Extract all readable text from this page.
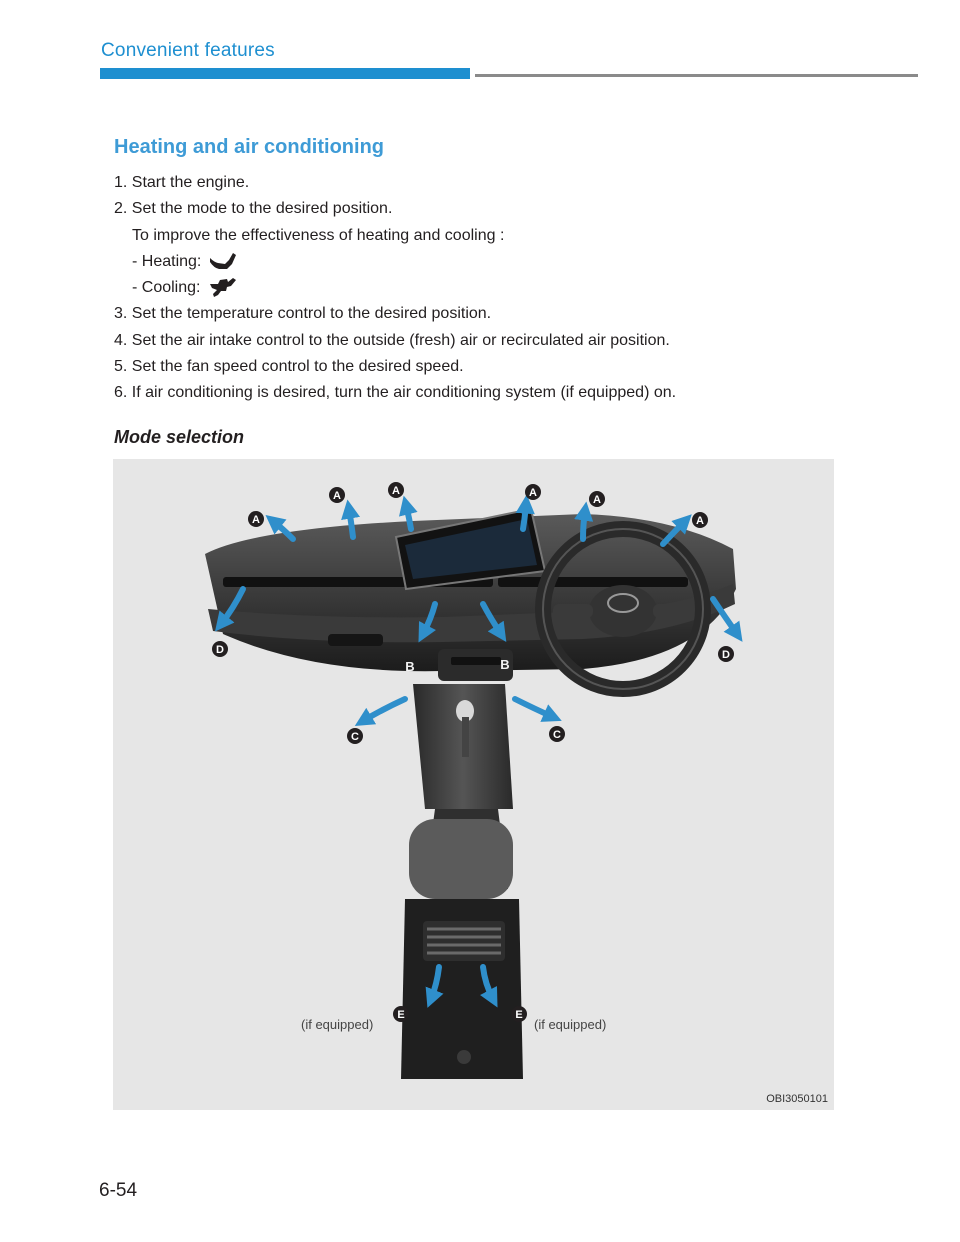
Convenient features
Heating and air conditioning
1. Start the engine.
2. Set the mode to the desired position.
To improve the effectiveness of heating and cooling :
- Heating:
- Cooling:
3. Set the temperature control to the desired position.
4. Set the air intake control to the outside (fresh) air or recirculated air position.
5. Set the fan speed control to the desired speed.
6. If air conditioning is desired, turn the air conditioning system (if equipped) on.
Mode selection
A
A	A	A
A
A
D	D
C	C
E	E
B	B
(if equipped)	(if equipped)
OBI3050101
6-54
